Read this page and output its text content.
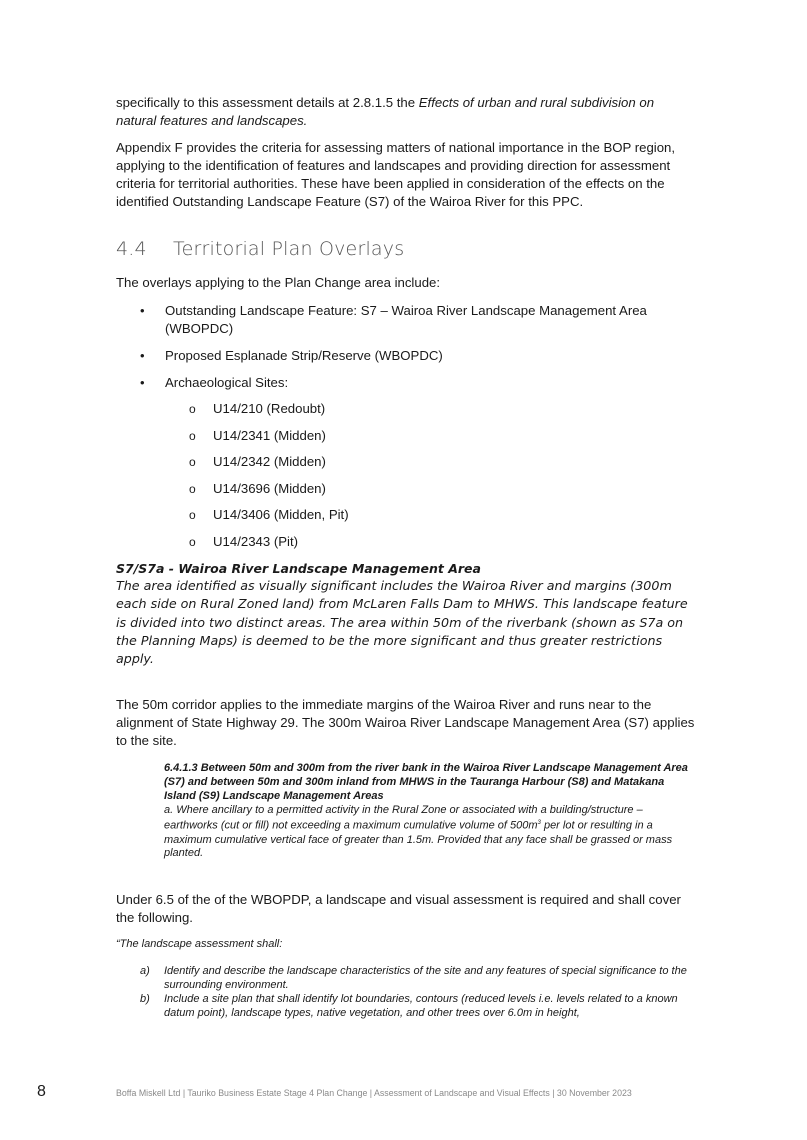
specifically to this assessment details at 2.8.1.5 the Effects of urban and rural subdivision on natural features and landscapes.

Appendix F provides the criteria for assessing matters of national importance in the BOP region, applying to the identification of features and landscapes and providing direction for assessment criteria for territorial authorities. These have been applied in consideration of the effects on the identified Outstanding Landscape Feature (S7) of the Wairoa River for this PPC.

4.4 Territorial Plan Overlays

The overlays applying to the Plan Change area include:

• Outstanding Landscape Feature: S7 – Wairoa River Landscape Management Area (WBOPDC)
• Proposed Esplanade Strip/Reserve (WBOPDC)
• Archaeological Sites:
o U14/210 (Redoubt)
o U14/2341 (Midden)
o U14/2342 (Midden)
o U14/3696 (Midden)
o U14/3406 (Midden, Pit)
o U14/2343 (Pit)
S7/S7a - Wairoa River Landscape Management Area
The area identified as visually significant includes the Wairoa River and margins (300m each side on Rural Zoned land) from McLaren Falls Dam to MHWS. This landscape feature is divided into two distinct areas. The area within 50m of the riverbank (shown as S7a on the Planning Maps) is deemed to be the more significant and thus greater restrictions apply.

The 50m corridor applies to the immediate margins of the Wairoa River and runs near to the alignment of State Highway 29. The 300m Wairoa River Landscape Management Area (S7) applies to the site.

6.4.1.3 Between 50m and 300m from the river bank in the Wairoa River Landscape Management Area (S7) and between 50m and 300m inland from MHWS in the Tauranga Harbour (S8) and Matakana Island (S9) Landscape Management Areas
a. Where ancillary to a permitted activity in the Rural Zone or associated with a building/structure – earthworks (cut or fill) not exceeding a maximum cumulative volume of $500m^3$ per lot or resulting in a maximum cumulative vertical face of greater than 1.5m. Provided that any face shall be grassed or mass planted.

Under 6.5 of the of the WBOPDP, a landscape and visual assessment is required and shall cover the following.

“The landscape assessment shall:
a) Identify and describe the landscape characteristics of the site and any features of special significance to the surrounding environment.
b) Include a site plan that shall identify lot boundaries, contours (reduced levels i.e. levels related to a known datum point), landscape types, native vegetation, and other trees over 6.0m in height,
8	Boffa Miskell Ltd | Tauriko Business Estate Stage 4 Plan Change | Assessment of Landscape and Visual Effects | 30 November 2023
